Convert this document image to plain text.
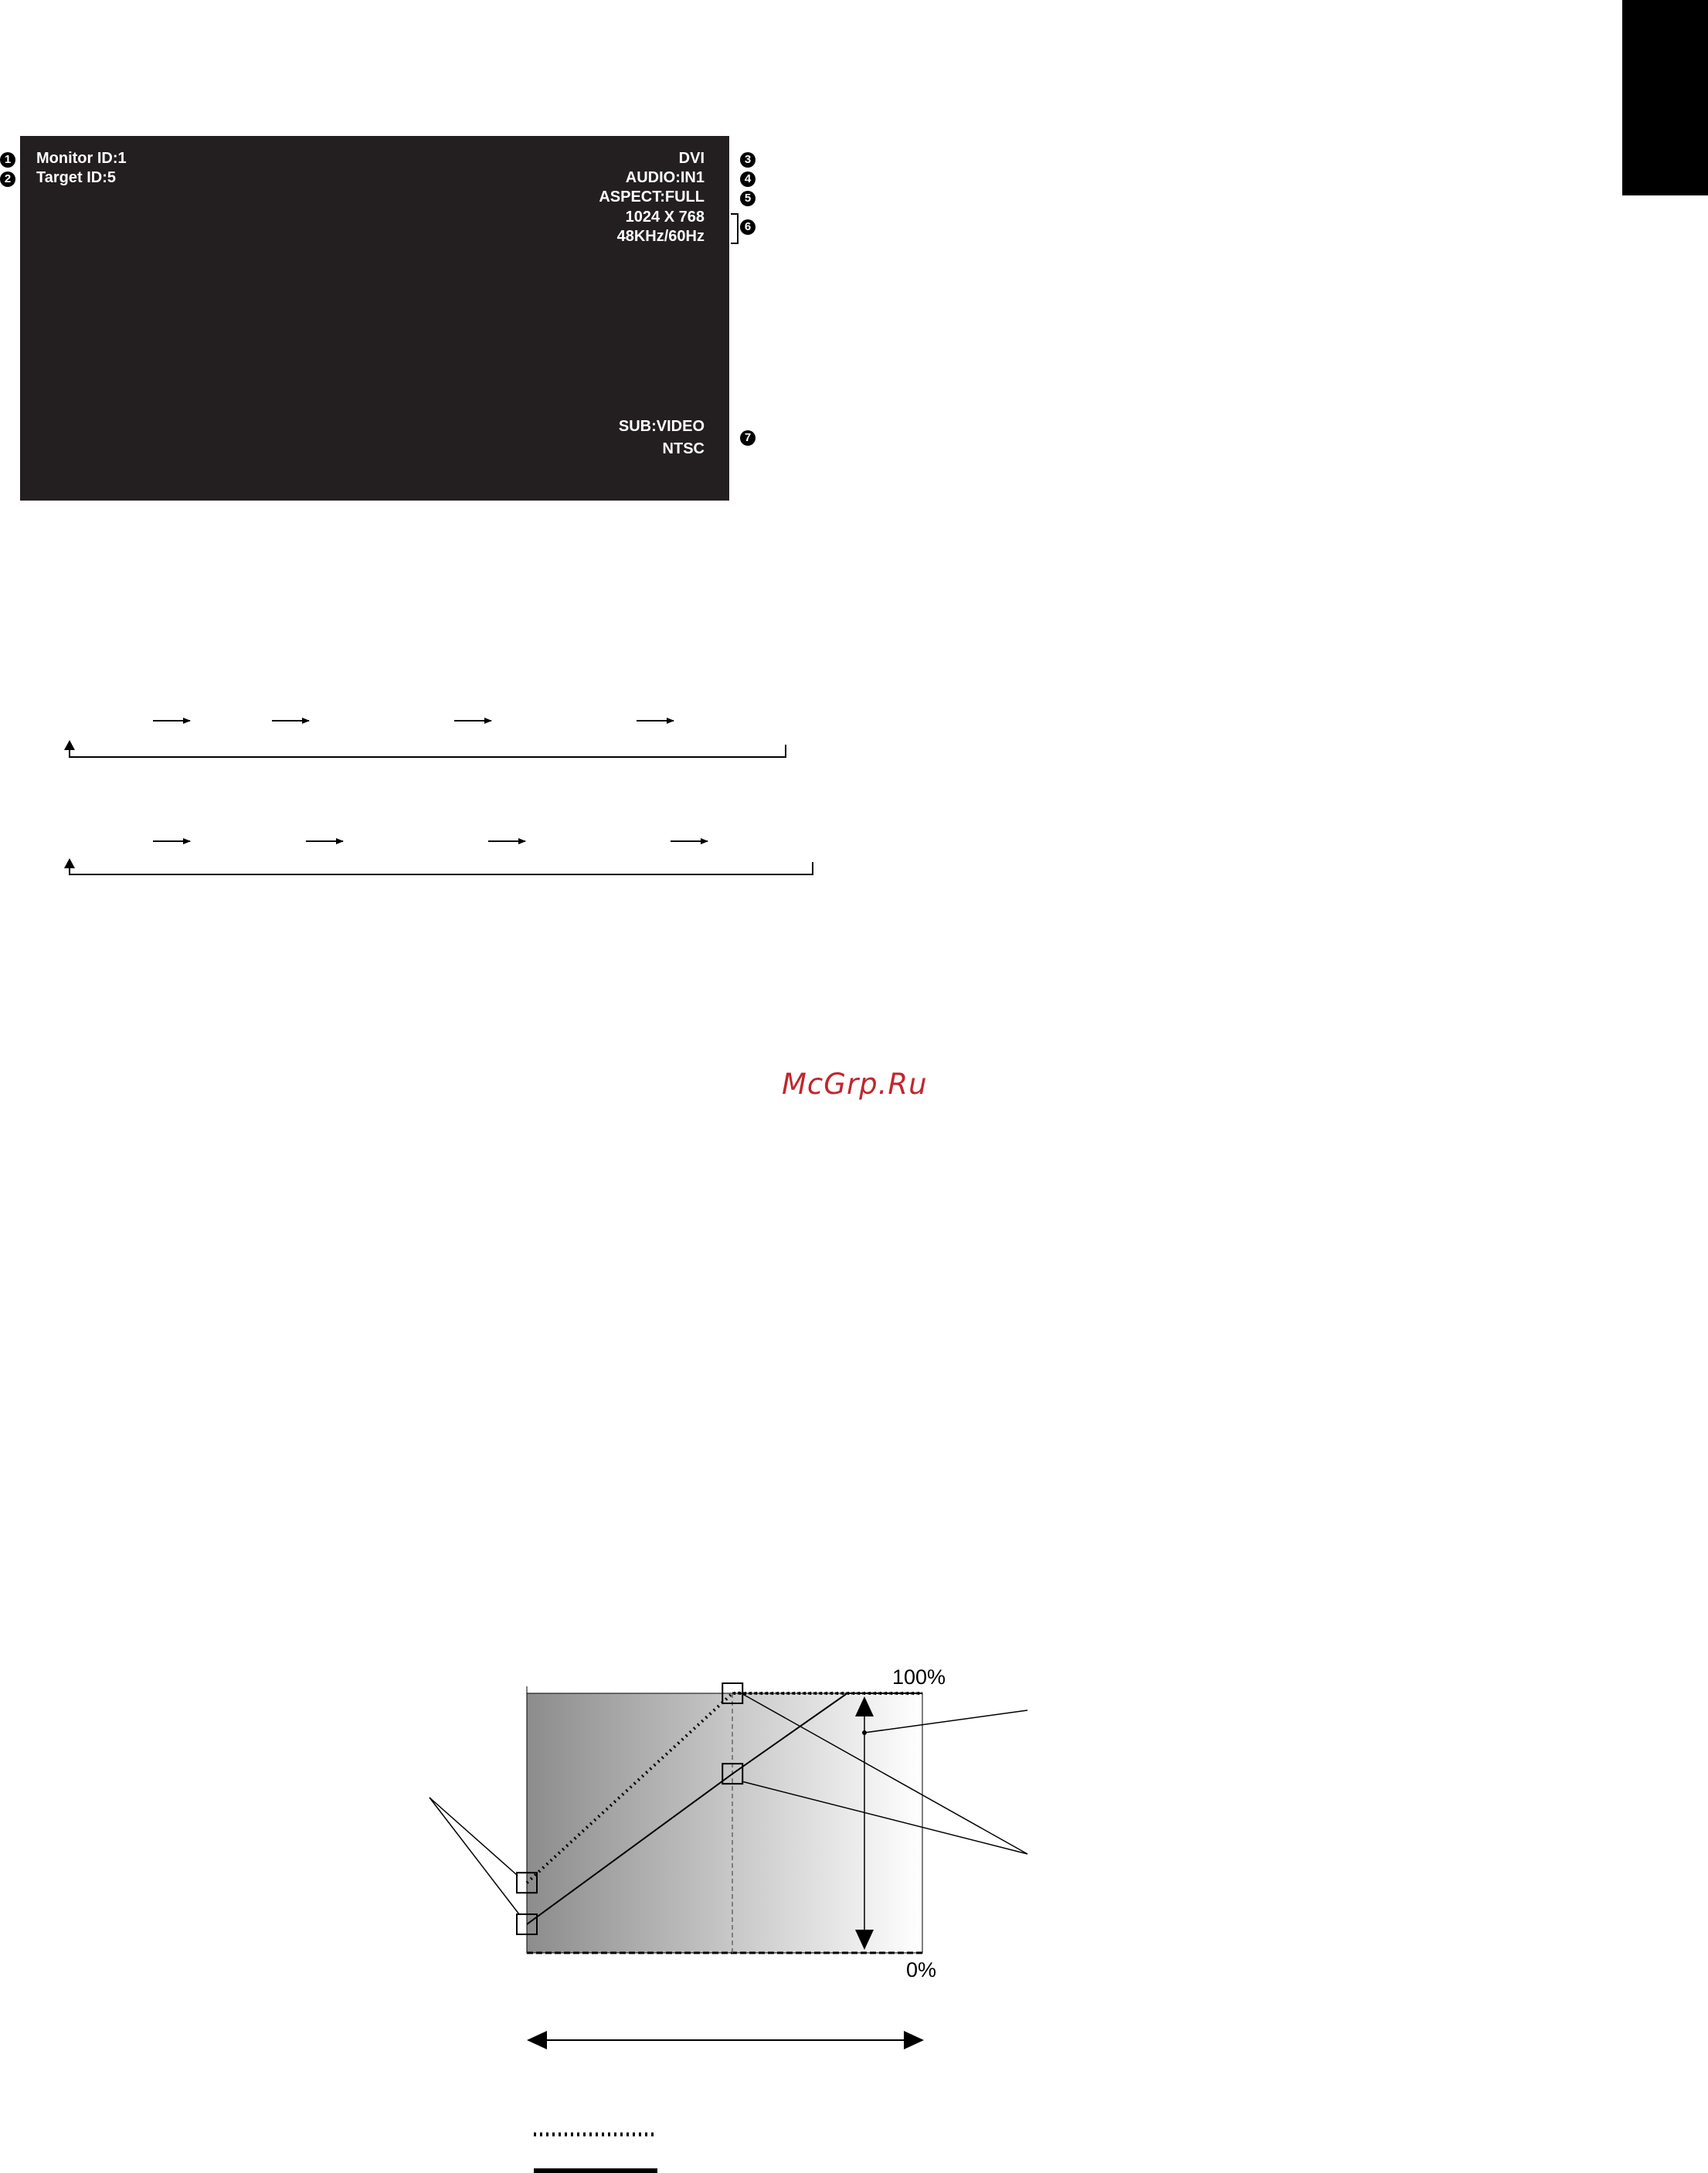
Monitor ID:1
Target ID:5
DVI
AUDIO:IN1
ASPECT:FULL
1024 X 768
48KHz/60Hz
SUB:VIDEO
NTSC
1
2
3
4
5
6
7
McGrp.Ru
100%
0%
